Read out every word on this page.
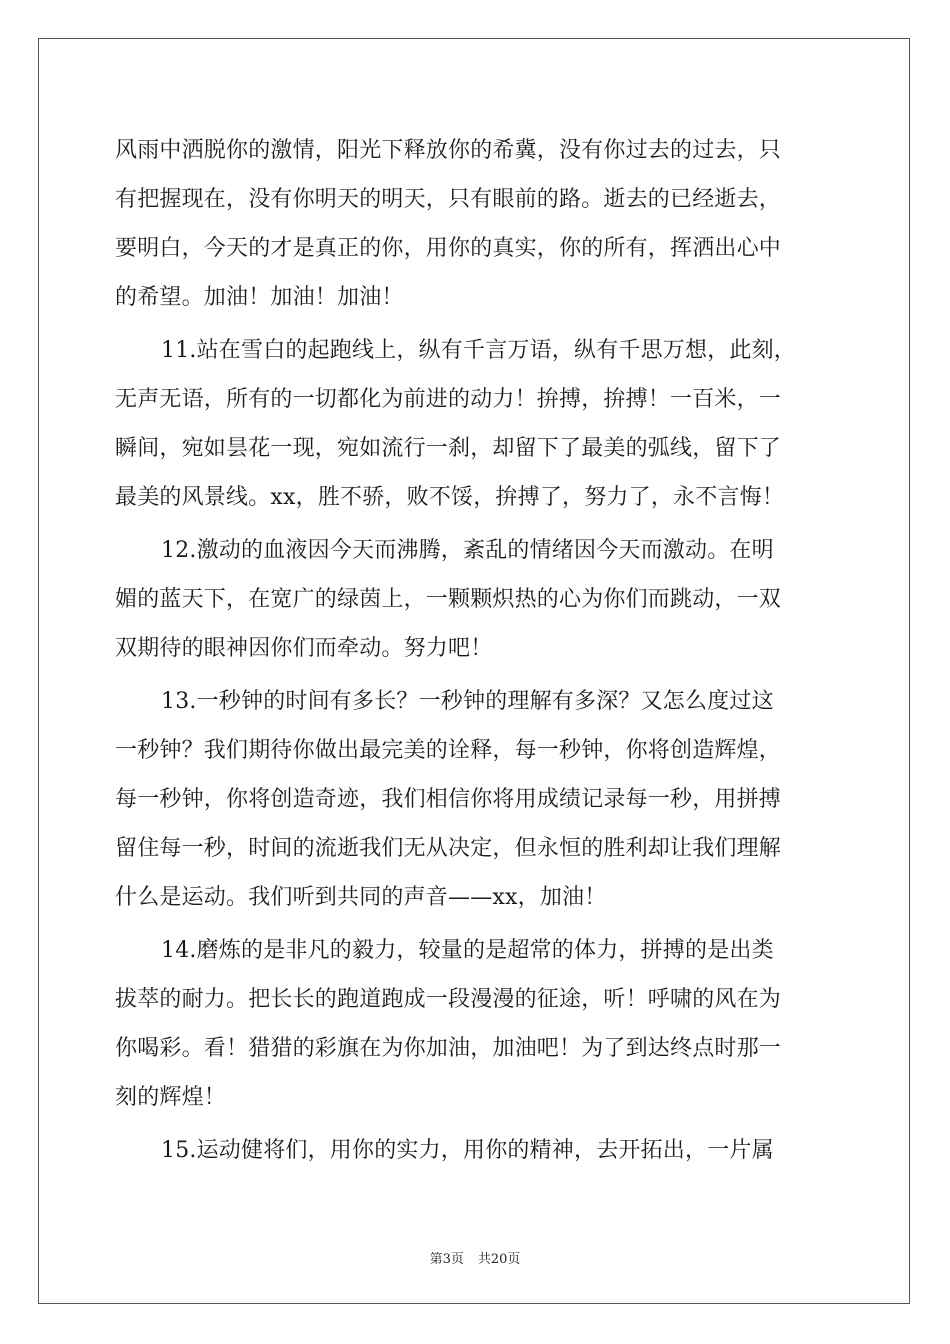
风雨中洒脱你的激情，阳光下释放你的希冀，没有你过去的过去，只
有把握现在，没有你明天的明天，只有眼前的路。逝去的已经逝去，
要明白，今天的才是真正的你，用你的真实，你的所有，挥洒出心中
的希望。加油！加油！加油！
11.站在雪白的起跑线上，纵有千言万语，纵有千思万想，此刻，
无声无语，所有的一切都化为前进的动力！拚搏，拚搏！一百米，一
瞬间，宛如昙花一现，宛如流行一刹，却留下了最美的弧线，留下了
最美的风景线。xx，胜不骄，败不馁，拚搏了，努力了，永不言悔！
12.激动的血液因今天而沸腾，紊乱的情绪因今天而激动。在明
媚的蓝天下，在宽广的绿茵上，一颗颗炽热的心为你们而跳动，一双
双期待的眼神因你们而牵动。努力吧！
13.一秒钟的时间有多长？一秒钟的理解有多深？又怎么度过这
一秒钟？我们期待你做出最完美的诠释，每一秒钟，你将创造辉煌，
每一秒钟，你将创造奇迹，我们相信你将用成绩记录每一秒，用拼搏
留住每一秒，时间的流逝我们无从决定，但永恒的胜利却让我们理解
什么是运动。我们听到共同的声音——xx，加油！
14.磨炼的是非凡的毅力，较量的是超常的体力，拼搏的是出类
拔萃的耐力。把长长的跑道跑成一段漫漫的征途，听！呼啸的风在为
你喝彩。看！猎猎的彩旗在为你加油，加油吧！为了到达终点时那一
刻的辉煌！
15.运动健将们，用你的实力，用你的精神，去开拓出，一片属
第3页 共20页
